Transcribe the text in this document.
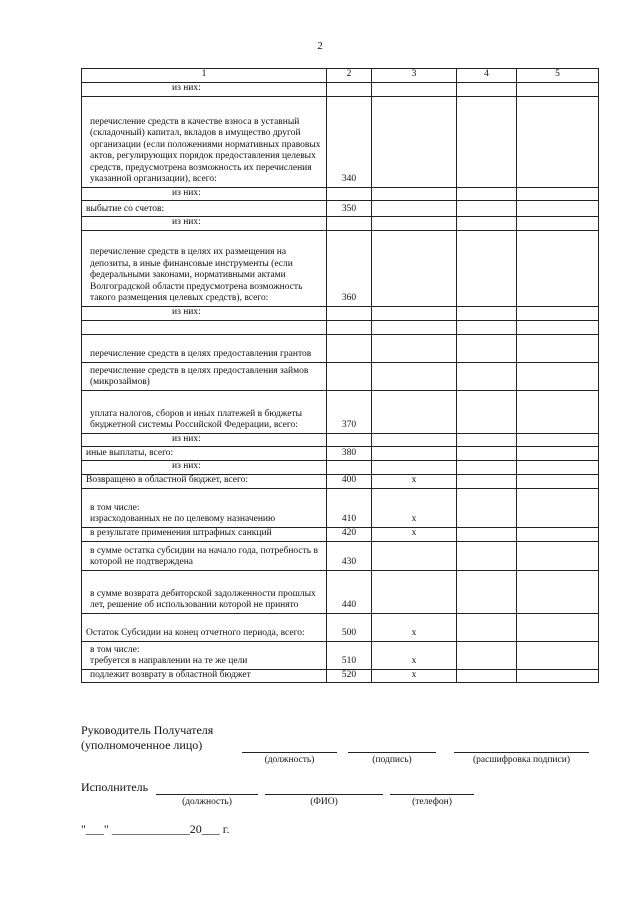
2
1	2	3	4	5
из них:				
перечисление средств в качестве взноса в уставный (складочный) капитал, вкладов в имущество другой организации (если положениями нормативных правовых актов, регулирующих порядок предоставления целевых средств, предусмотрена возможность их перечисления указанной организации), всего:	340			
из них:				
выбытие со счетов:	350			
из них:				
перечисление средств в целях их размещения на депозиты, в иные финансовые инструменты (если федеральными законами, нормативными актами Волгоградской области предусмотрена возможность такого размещения целевых средств), всего:	360			
из них:				

перечисление средств в целях предоставления грантов				
перечисление средств в целях предоставления займов (микрозаймов)				
уплата налогов, сборов и иных платежей в бюджеты бюджетной системы Российской Федерации, всего:	370			
из них:				
иные выплаты, всего:	380			
из них:				
Возвращено в областной бюджет, всего:	400	х		
в том числе:
израсходованных не по целевому назначению	410	х		
в результате применения штрафных санкций	420	х		
в сумме остатка субсидии на начало года, потребность в которой не подтверждена	430			
в сумме возврата дебиторской задолженности прошлых лет, решение об использовании которой не принято	440			
Остаток Субсидии на конец отчетного периода, всего:	500	х		
в том числе:
требуется в направлении на те же цели	510	х		
подлежит возврату в областной бюджет	520	х		
Руководитель Получателя
(уполномоченное лицо)
(должность)	(подпись)	(расшифровка подписи)
Исполнитель
(должность)	(ФИО)	(телефон)
"___" _____________20___ г.
